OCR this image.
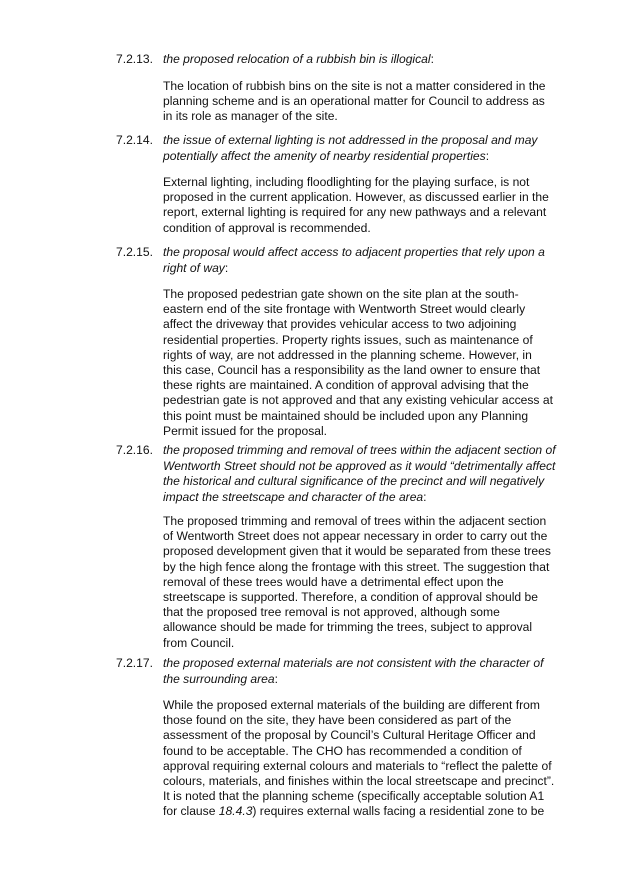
7.2.13. the proposed relocation of a rubbish bin is illogical:
The location of rubbish bins on the site is not a matter considered in the
planning scheme and is an operational matter for Council to address as
in its role as manager of the site.
7.2.14. the issue of external lighting is not addressed in the proposal and may
potentially affect the amenity of nearby residential properties:
External lighting, including floodlighting for the playing surface, is not
proposed in the current application. However, as discussed earlier in the
report, external lighting is required for any new pathways and a relevant
condition of approval is recommended.
7.2.15. the proposal would affect access to adjacent properties that rely upon a
right of way:
The proposed pedestrian gate shown on the site plan at the south-
eastern end of the site frontage with Wentworth Street would clearly
affect the driveway that provides vehicular access to two adjoining
residential properties. Property rights issues, such as maintenance of
rights of way, are not addressed in the planning scheme. However, in
this case, Council has a responsibility as the land owner to ensure that
these rights are maintained. A condition of approval advising that the
pedestrian gate is not approved and that any existing vehicular access at
this point must be maintained should be included upon any Planning
Permit issued for the proposal.
7.2.16. the proposed trimming and removal of trees within the adjacent section of
Wentworth Street should not be approved as it would “detrimentally affect
the historical and cultural significance of the precinct and will negatively
impact the streetscape and character of the area:
The proposed trimming and removal of trees within the adjacent section
of Wentworth Street does not appear necessary in order to carry out the
proposed development given that it would be separated from these trees
by the high fence along the frontage with this street. The suggestion that
removal of these trees would have a detrimental effect upon the
streetscape is supported. Therefore, a condition of approval should be
that the proposed tree removal is not approved, although some
allowance should be made for trimming the trees, subject to approval
from Council.
7.2.17. the proposed external materials are not consistent with the character of
the surrounding area:
While the proposed external materials of the building are different from
those found on the site, they have been considered as part of the
assessment of the proposal by Council’s Cultural Heritage Officer and
found to be acceptable. The CHO has recommended a condition of
approval requiring external colours and materials to “reflect the palette of
colours, materials, and finishes within the local streetscape and precinct”.
It is noted that the planning scheme (specifically acceptable solution A1
for clause 18.4.3) requires external walls facing a residential zone to be
